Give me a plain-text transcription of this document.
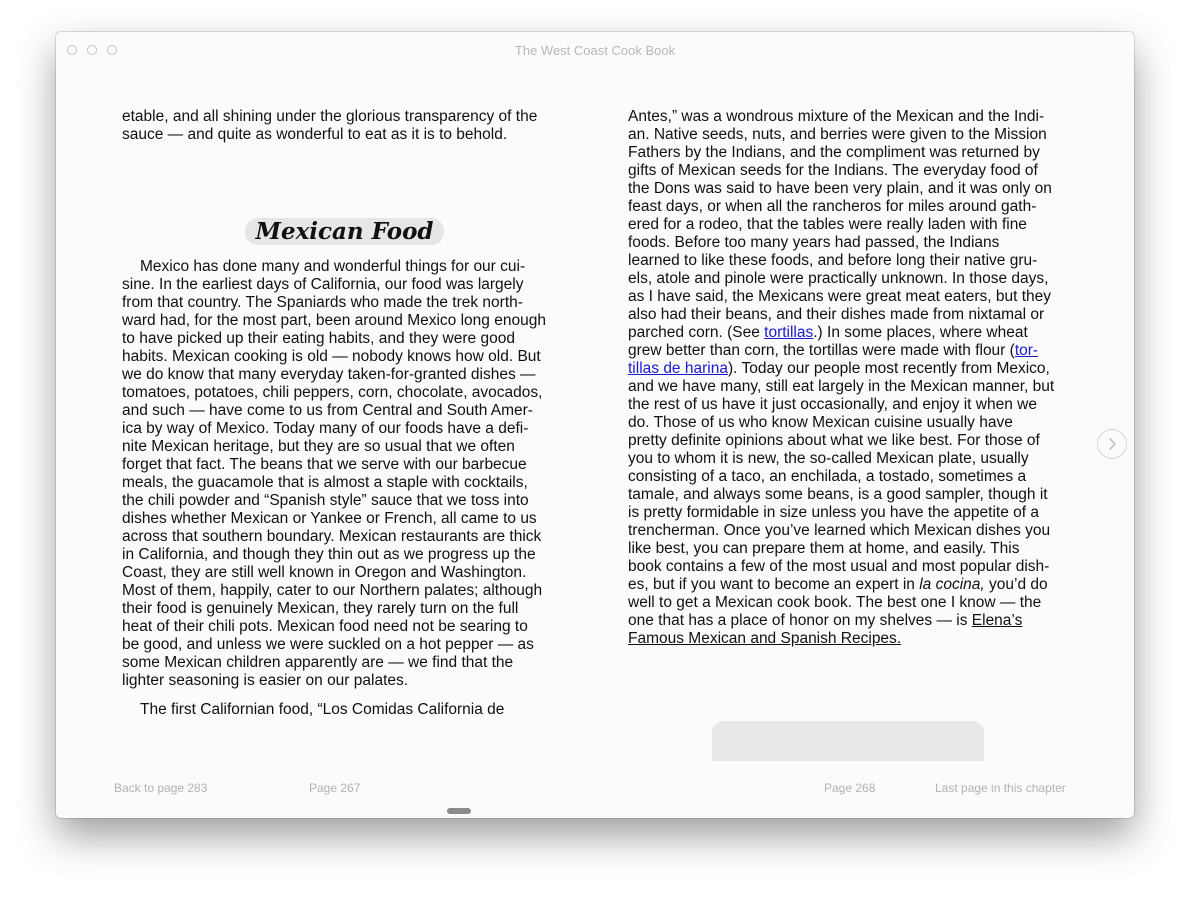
The West Coast Cook Book

etable, and all shining under the glorious transparency of the

sauce — and quite as wonderful to eat as it is to behold.

Mexican Food

Mexico has done many and wonderful things for our cui-

sine. In the earliest days of California, our food was largely

from that country. The Spaniards who made the trek north-

ward had, for the most part, been around Mexico long enough

to have picked up their eating habits, and they were good

habits. Mexican cooking is old — nobody knows how old. But

we do know that many everyday taken-for-granted dishes —

tomatoes, potatoes, chili peppers, corn, chocolate, avocados,

and such — have come to us from Central and South Amer-

ica by way of Mexico. Today many of our foods have a defi-

nite Mexican heritage, but they are so usual that we often

forget that fact. The beans that we serve with our barbecue

meals, the guacamole that is almost a staple with cocktails,

the chili powder and “Spanish style” sauce that we toss into

dishes whether Mexican or Yankee or French, all came to us

across that southern boundary. Mexican restaurants are thick

in California, and though they thin out as we progress up the

Coast, they are still well known in Oregon and Washington.

Most of them, happily, cater to our Northern palates; although

their food is genuinely Mexican, they rarely turn on the full

heat of their chili pots. Mexican food need not be searing to

be good, and unless we were suckled on a hot pepper — as

some Mexican children apparently are — we find that the

lighter seasoning is easier on our palates.

The first Californian food, “Los Comidas California de

Antes,” was a wondrous mixture of the Mexican and the Indi-

an. Native seeds, nuts, and berries were given to the Mission

Fathers by the Indians, and the compliment was returned by

gifts of Mexican seeds for the Indians. The everyday food of

the Dons was said to have been very plain, and it was only on

feast days, or when all the rancheros for miles around gath-

ered for a rodeo, that the tables were really laden with fine

foods. Before too many years had passed, the Indians

learned to like these foods, and before long their native gru-

els, atole and pinole were practically unknown. In those days,

as I have said, the Mexicans were great meat eaters, but they

also had their beans, and their dishes made from nixtamal or

parched corn. (See tortillas.) In some places, where wheat

grew better than corn, the tortillas were made with flour (tor-

tillas de harina). Today our people most recently from Mexico,

and we have many, still eat largely in the Mexican manner, but

the rest of us have it just occasionally, and enjoy it when we

do. Those of us who know Mexican cuisine usually have

pretty definite opinions about what we like best. For those of

you to whom it is new, the so-called Mexican plate, usually

consisting of a taco, an enchilada, a tostado, sometimes a

tamale, and always some beans, is a good sampler, though it

is pretty formidable in size unless you have the appetite of a

trencherman. Once you’ve learned which Mexican dishes you

like best, you can prepare them at home, and easily. This

book contains a few of the most usual and most popular dish-

es, but if you want to become an expert in la cocina, you’d do

well to get a Mexican cook book. The best one I know — the

one that has a place of honor on my shelves — is Elena’s

Famous Mexican and Spanish Recipes.

Back to page 283	Page 267	Page 268	Last page in this chapter
